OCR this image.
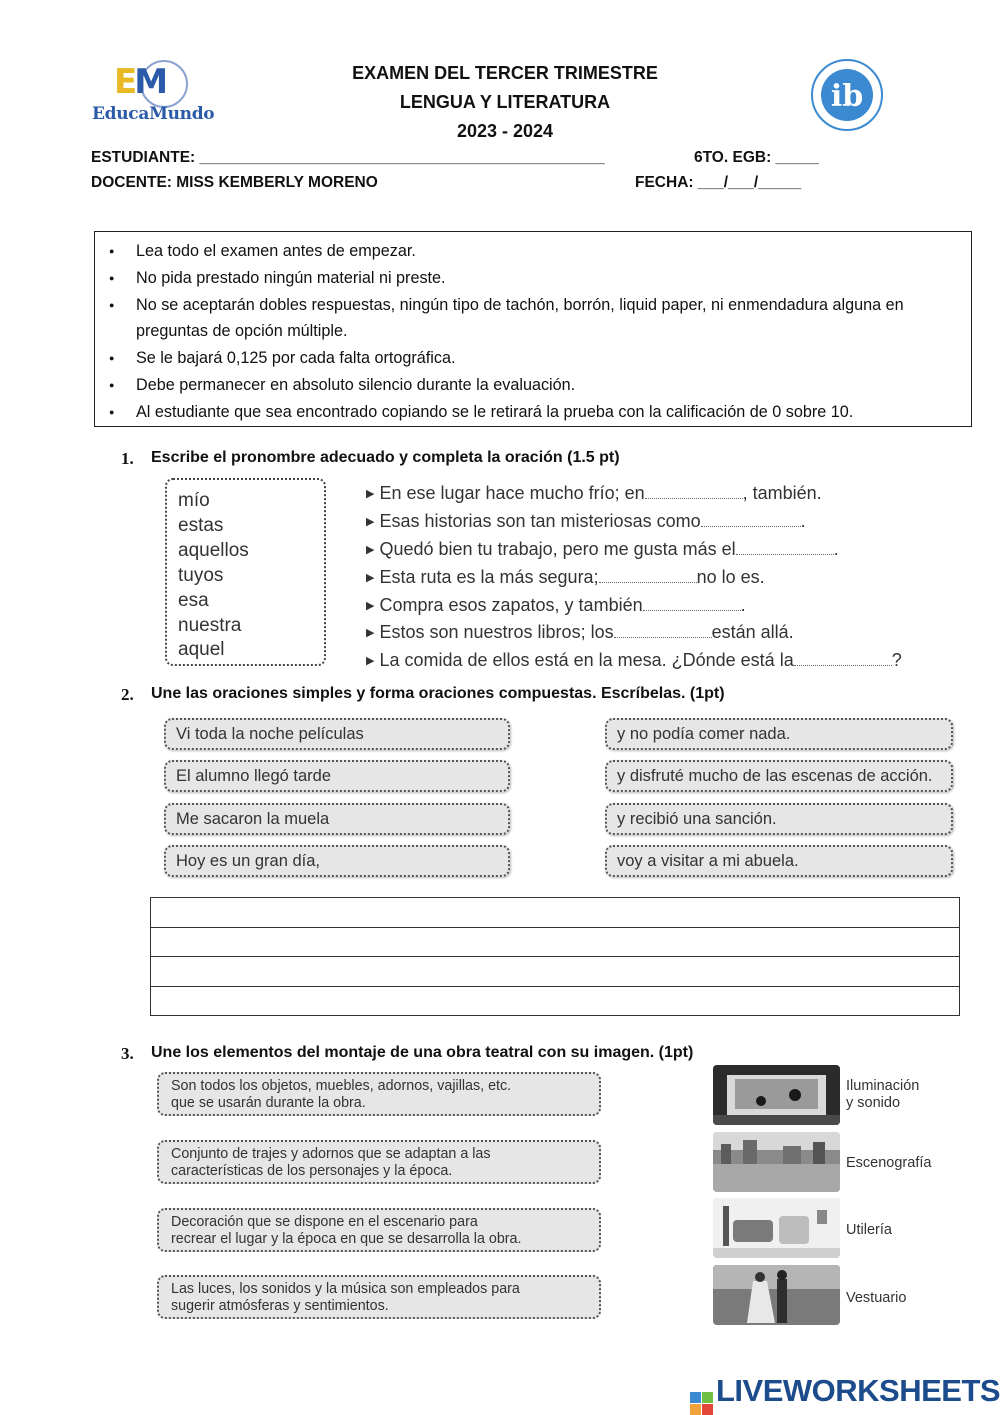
EM
EducaMundo	ib
EXAMEN DEL TERCER TRIMESTRE
LENGUA Y LITERATURA
2023 - 2024
ESTUDIANTE: _______________________________________________	6TO. EGB: _____
DOCENTE: MISS KEMBERLY MORENO	FECHA: ___/___/_____
● Lea todo el examen antes de empezar.
● No pida prestado ningún material ni preste.
● No se aceptarán dobles respuestas, ningún tipo de tachón, borrón, liquid paper, ni enmendadura alguna en preguntas de opción múltiple.
● Se le bajará 0,125 por cada falta ortográfica.
● Debe permanecer en absoluto silencio durante la evaluación.
● Al estudiante que sea encontrado copiando se le retirará la prueba con la calificación de 0 sobre 10.
1. Escribe el pronombre adecuado y completa la oración (1.5 pt)
mío
estas
aquellos
tuyos
esa
nuestra
aquel
▶ En ese lugar hace mucho frío; en	, también.
▶ Esas historias son tan misteriosas como	.
▶ Quedó bien tu trabajo, pero me gusta más el	.
▶ Esta ruta es la más segura;	no lo es.
▶ Compra esos zapatos, y también	.
▶ Estos son nuestros libros; los	están allá.
▶ La comida de ellos está en la mesa. ¿Dónde está la	?
2. Une las oraciones simples y forma oraciones compuestas. Escríbelas. (1pt)
Vi toda la noche películas
El alumno llegó tarde
Me sacaron la muela
Hoy es un gran día,
y no podía comer nada.
y disfruté mucho de las escenas de acción.
y recibió una sanción.
voy a visitar a mi abuela.

3. Une los elementos del montaje de una obra teatral con su imagen. (1pt)
Son todos los objetos, muebles, adornos, vajillas, etc.
que se usarán durante la obra.
Conjunto de trajes y adornos que se adaptan a las
características de los personajes y la época.
Decoración que se dispone en el escenario para
recrear el lugar y la época en que se desarrolla la obra.
Las luces, los sonidos y la música son empleados para
sugerir atmósferas y sentimientos.
Iluminación
y sonido
Escenografía
Utilería
Vestuario
LIVEWORKSHEETS
